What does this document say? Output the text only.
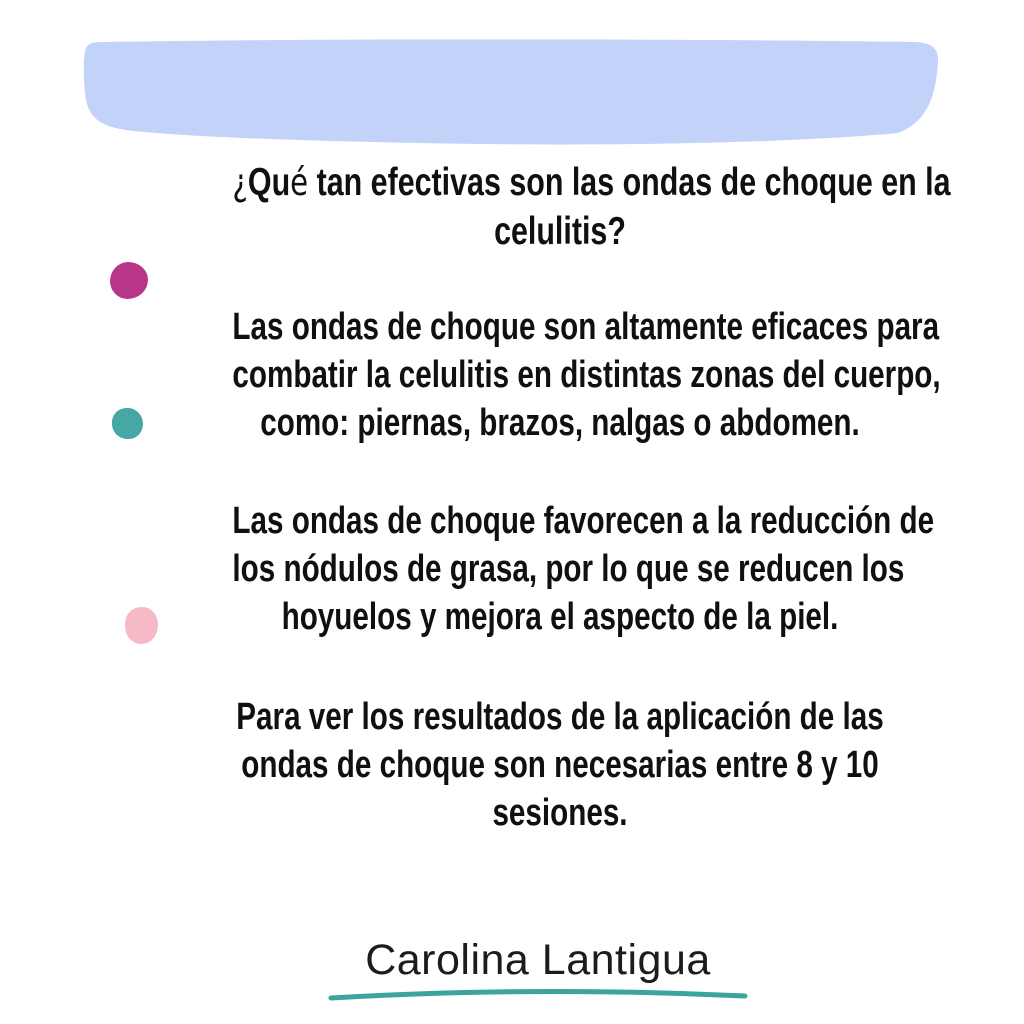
¿Qué tan efectivas son las ondas de choque en la
celulitis?

Las ondas de choque son altamente eficaces para
combatir la celulitis en distintas zonas del cuerpo,
como: piernas, brazos, nalgas o abdomen.

Las ondas de choque favorecen a la reducción de
los nódulos de grasa, por lo que se reducen los
hoyuelos y mejora el aspecto de la piel.

Para ver los resultados de la aplicación de las
ondas de choque son necesarias entre 8 y 10
sesiones.

Carolina Lantigua
